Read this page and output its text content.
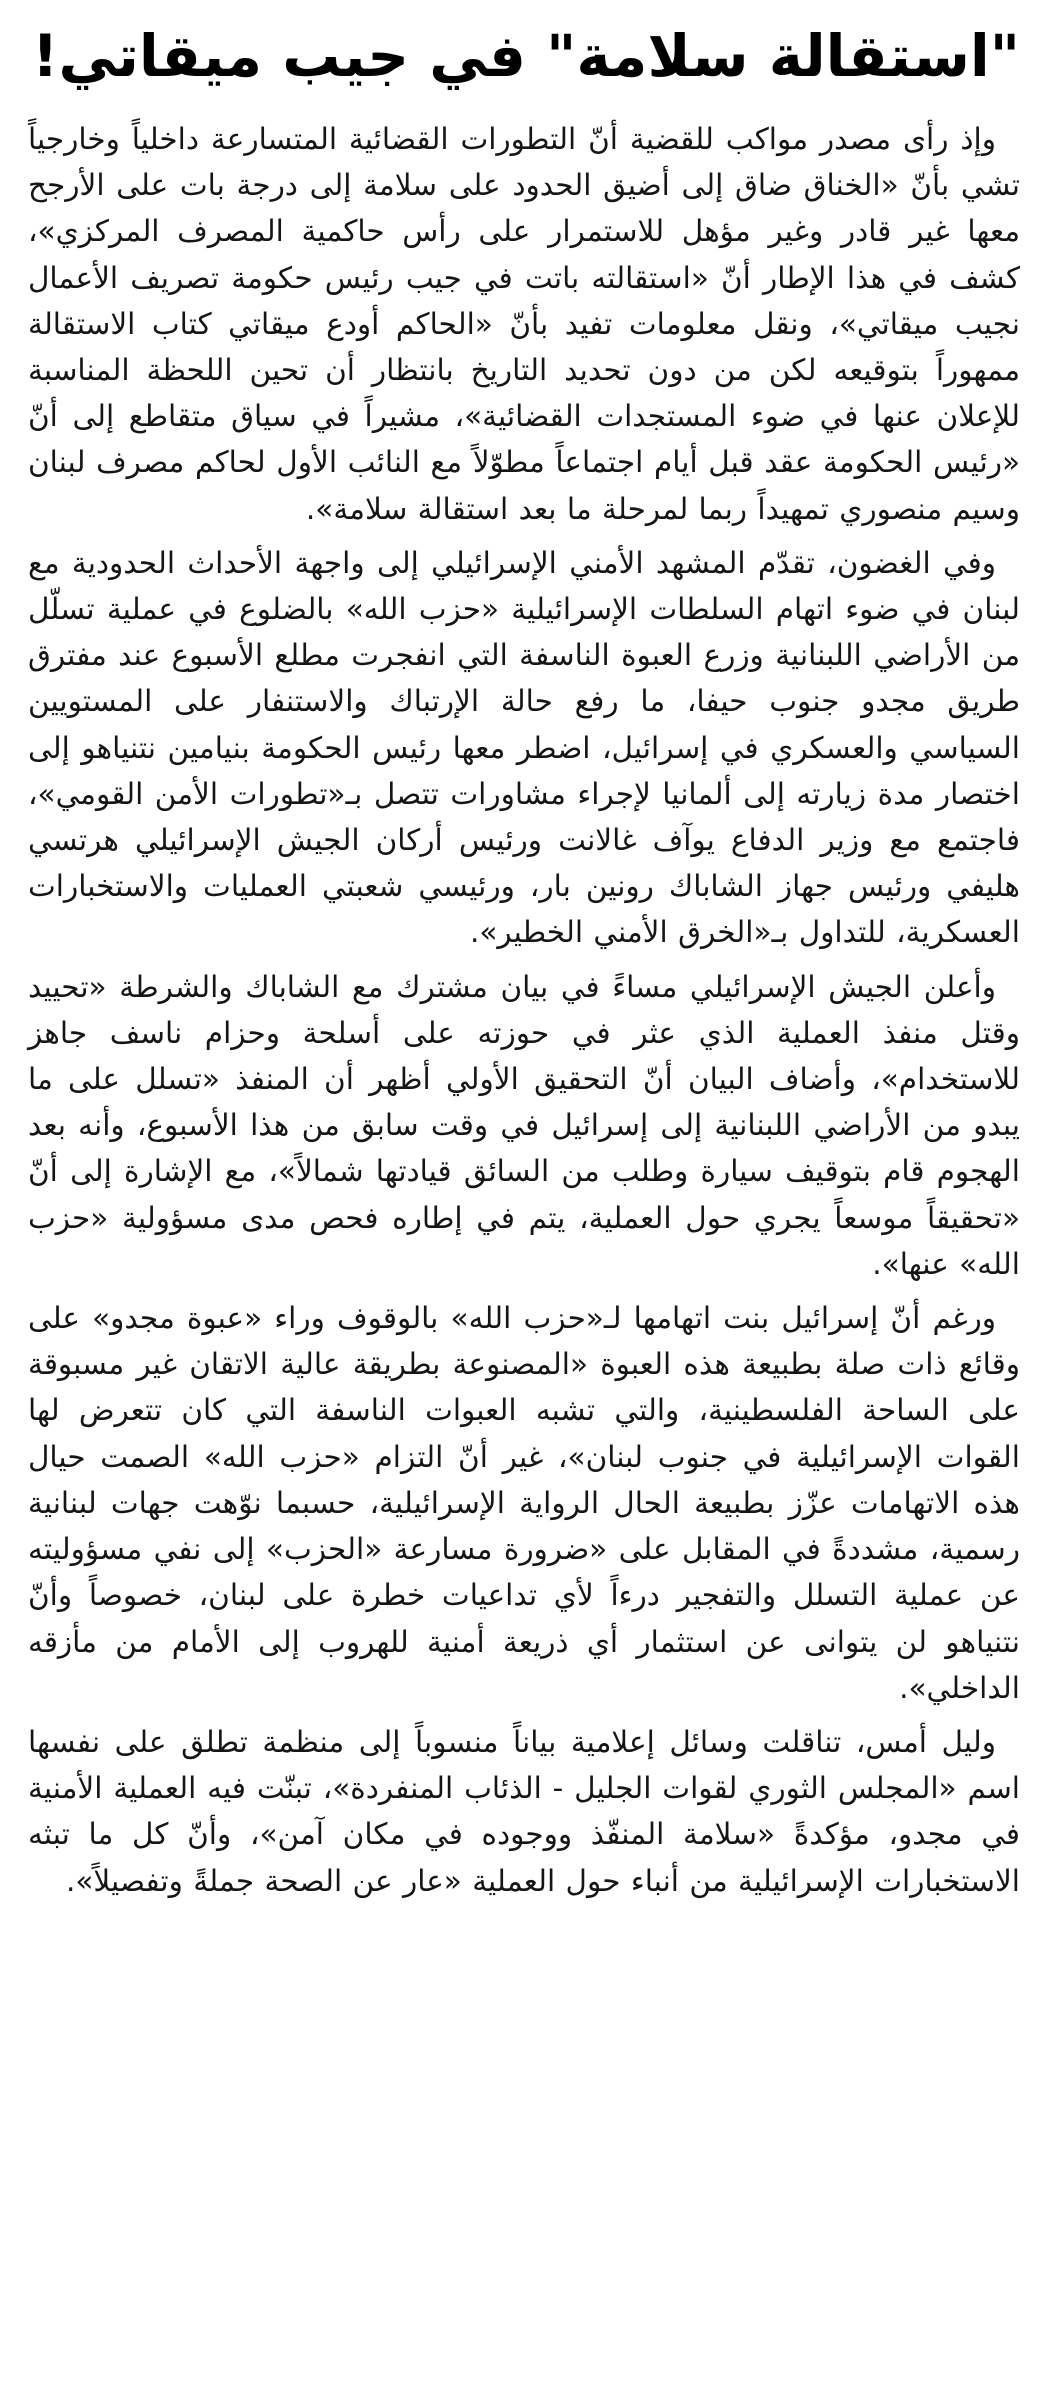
"استقالة سلامة" في جيب ميقاتي!

وإذ رأى مصدر مواكب للقضية أنّ التطورات القضائية المتسارعة داخلياً وخارجياً تشي بأنّ «الخناق ضاق إلى أضيق الحدود على سلامة إلى درجة بات على الأرجح معها غير قادر وغير مؤهل للاستمرار على رأس حاكمية المصرف المركزي»، كشف في هذا الإطار أنّ «استقالته باتت في جيب رئيس حكومة تصريف الأعمال نجيب ميقاتي»، ونقل معلومات تفيد بأنّ «الحاكم أودع ميقاتي كتاب الاستقالة ممهوراً بتوقيعه لكن من دون تحديد التاريخ بانتظار أن تحين اللحظة المناسبة للإعلان عنها في ضوء المستجدات القضائية»، مشيراً في سياق متقاطع إلى أنّ «رئيس الحكومة عقد قبل أيام اجتماعاً مطوّلاً مع النائب الأول لحاكم مصرف لبنان وسيم منصوري تمهيداً ربما لمرحلة ما بعد استقالة سلامة».

وفي الغضون، تقدّم المشهد الأمني الإسرائيلي إلى واجهة الأحداث الحدودية مع لبنان في ضوء اتهام السلطات الإسرائيلية «حزب الله» بالضلوع في عملية تسلّل من الأراضي اللبنانية وزرع العبوة الناسفة التي انفجرت مطلع الأسبوع عند مفترق طريق مجدو جنوب حيفا، ما رفع حالة الإرتباك والاستنفار على المستويين السياسي والعسكري في إسرائيل، اضطر معها رئيس الحكومة بنيامين نتنياهو إلى اختصار مدة زيارته إلى ألمانيا لإجراء مشاورات تتصل بـ«تطورات الأمن القومي»، فاجتمع مع وزير الدفاع يوآف غالانت ورئيس أركان الجيش الإسرائيلي هرتسي هليفي ورئيس جهاز الشاباك رونين بار، ورئيسي شعبتي العمليات والاستخبارات العسكرية، للتداول بـ«الخرق الأمني الخطير».

وأعلن الجيش الإسرائيلي مساءً في بيان مشترك مع الشاباك والشرطة «تحييد وقتل منفذ العملية الذي عثر في حوزته على أسلحة وحزام ناسف جاهز للاستخدام»، وأضاف البيان أنّ التحقيق الأولي أظهر أن المنفذ «تسلل على ما يبدو من الأراضي اللبنانية إلى إسرائيل في وقت سابق من هذا الأسبوع، وأنه بعد الهجوم قام بتوقيف سيارة وطلب من السائق قيادتها شمالاً»، مع الإشارة إلى أنّ «تحقيقاً موسعاً يجري حول العملية، يتم في إطاره فحص مدى مسؤولية «حزب الله» عنها».

ورغم أنّ إسرائيل بنت اتهامها لـ«حزب الله» بالوقوف وراء «عبوة مجدو» على وقائع ذات صلة بطبيعة هذه العبوة «المصنوعة بطريقة عالية الاتقان غير مسبوقة على الساحة الفلسطينية، والتي تشبه العبوات الناسفة التي كان تتعرض لها القوات الإسرائيلية في جنوب لبنان»، غير أنّ التزام «حزب الله» الصمت حيال هذه الاتهامات عزّز بطبيعة الحال الرواية الإسرائيلية، حسبما نوّهت جهات لبنانية رسمية، مشددةً في المقابل على «ضرورة مسارعة «الحزب» إلى نفي مسؤوليته عن عملية التسلل والتفجير درءاً لأي تداعيات خطرة على لبنان، خصوصاً وأنّ نتنياهو لن يتوانى عن استثمار أي ذريعة أمنية للهروب إلى الأمام من مأزقه الداخلي».

وليل أمس، تناقلت وسائل إعلامية بياناً منسوباً إلى منظمة تطلق على نفسها اسم «المجلس الثوري لقوات الجليل - الذئاب المنفردة»، تبنّت فيه العملية الأمنية في مجدو، مؤكدةً «سلامة المنفّذ ووجوده في مكان آمن»، وأنّ كل ما تبثه الاستخبارات الإسرائيلية من أنباء حول العملية «عار عن الصحة جملةً وتفصيلاً».
